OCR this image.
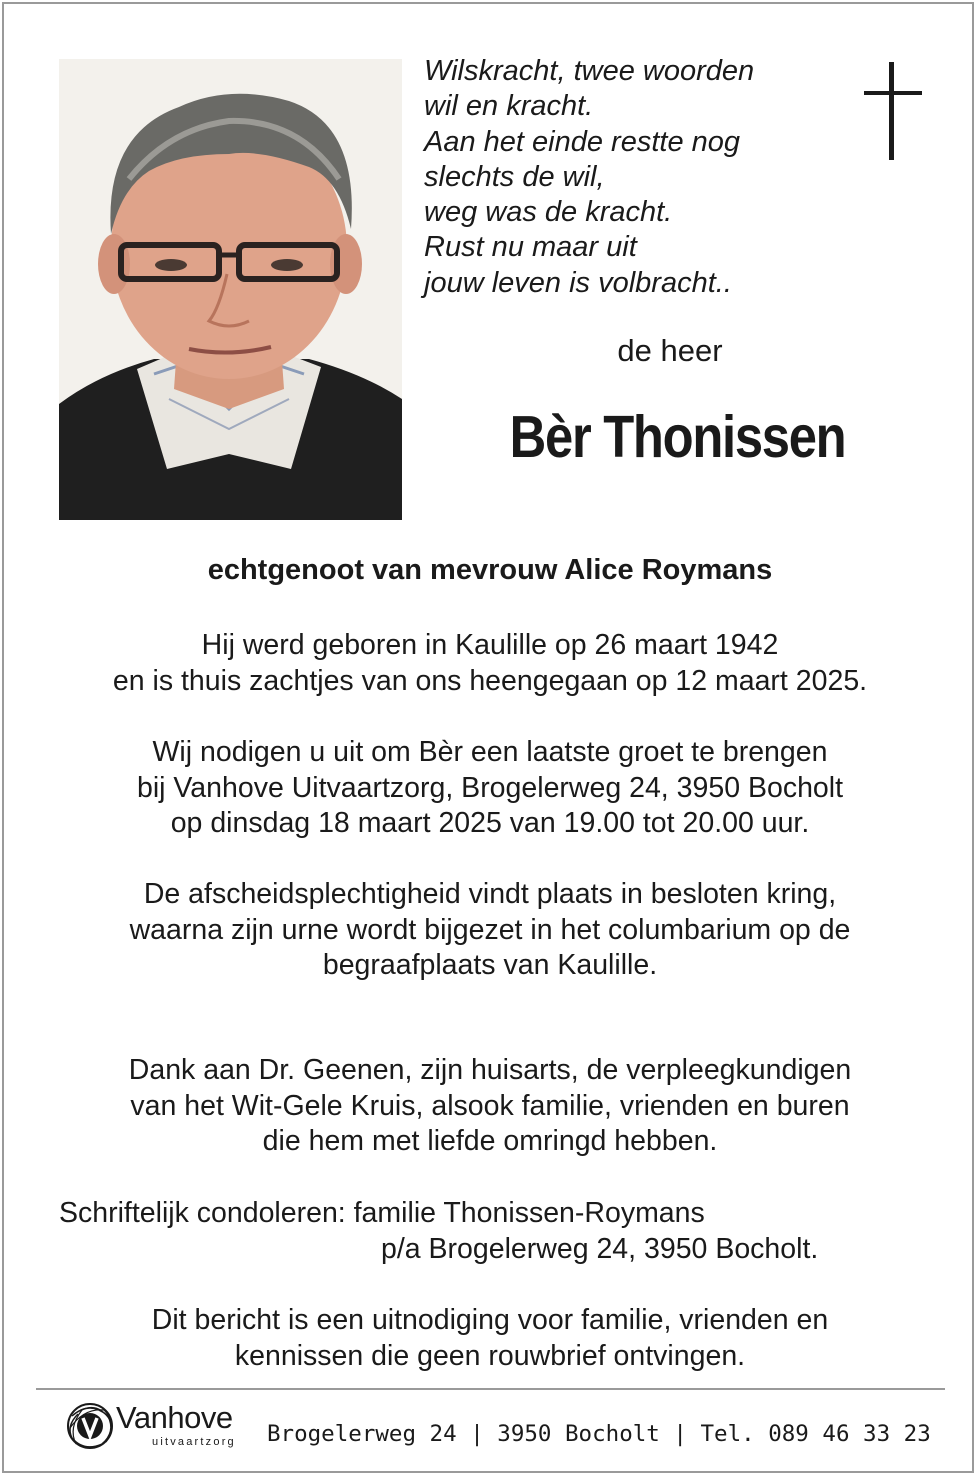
Wilskracht, twee woorden
wil en kracht.
Aan het einde restte nog
slechts de wil,
weg was de kracht.
Rust nu maar uit
jouw leven is volbracht..
de heer
Bèr Thonissen
echtgenoot van mevrouw Alice Roymans
Hij werd geboren in Kaulille op 26 maart 1942
en is thuis zachtjes van ons heengegaan op 12 maart 2025.
Wij nodigen u uit om Bèr een laatste groet te brengen
bij Vanhove Uitvaartzorg, Brogelerweg 24, 3950 Bocholt
op dinsdag 18 maart 2025 van 19.00 tot 20.00 uur.
De afscheidsplechtigheid vindt plaats in besloten kring,
waarna zijn urne wordt bijgezet in het columbarium op de
begraafplaats van Kaulille.
Dank aan Dr. Geenen, zijn huisarts, de verpleegkundigen
van het Wit-Gele Kruis, alsook familie, vrienden en buren
die hem met liefde omringd hebben.
Schriftelijk condoleren: familie Thonissen-Roymans
p/a Brogelerweg 24, 3950 Bocholt.
Dit bericht is een uitnodiging voor familie, vrienden en
kennissen die geen rouwbrief ontvingen.
Vanhove
uitvaartzorg Brogelerweg 24 | 3950 Bocholt | Tel. 089 46 33 23
